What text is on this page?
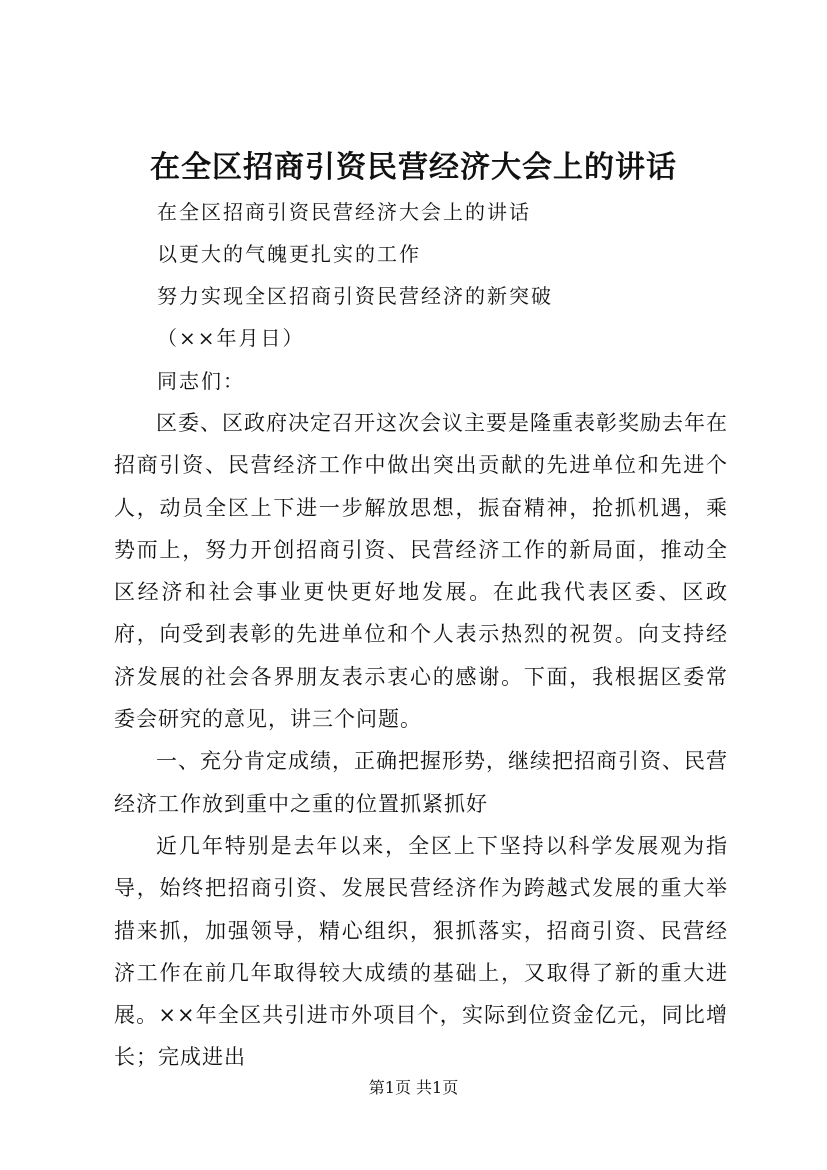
在全区招商引资民营经济大会上的讲话
在全区招商引资民营经济大会上的讲话
以更大的气魄更扎实的工作
努力实现全区招商引资民营经济的新突破
（××年月日）
同志们：

区委、区政府决定召开这次会议主要是隆重表彰奖励去年在招商引资、民营经济工作中做出突出贡献的先进单位和先进个人，动员全区上下进一步解放思想，振奋精神，抢抓机遇，乘势而上，努力开创招商引资、民营经济工作的新局面，推动全区经济和社会事业更快更好地发展。在此我代表区委、区政府，向受到表彰的先进单位和个人表示热烈的祝贺。向支持经济发展的社会各界朋友表示衷心的感谢。下面，我根据区委常委会研究的意见，讲三个问题。

一、充分肯定成绩，正确把握形势，继续把招商引资、民营经济工作放到重中之重的位置抓紧抓好

近几年特别是去年以来，全区上下坚持以科学发展观为指导，始终把招商引资、发展民营经济作为跨越式发展的重大举措来抓，加强领导，精心组织，狠抓落实，招商引资、民营经济工作在前几年取得较大成绩的基础上，又取得了新的重大进展。××年全区共引进市外项目个，实际到位资金亿元，同比增长；完成进出

第1页 共1页
